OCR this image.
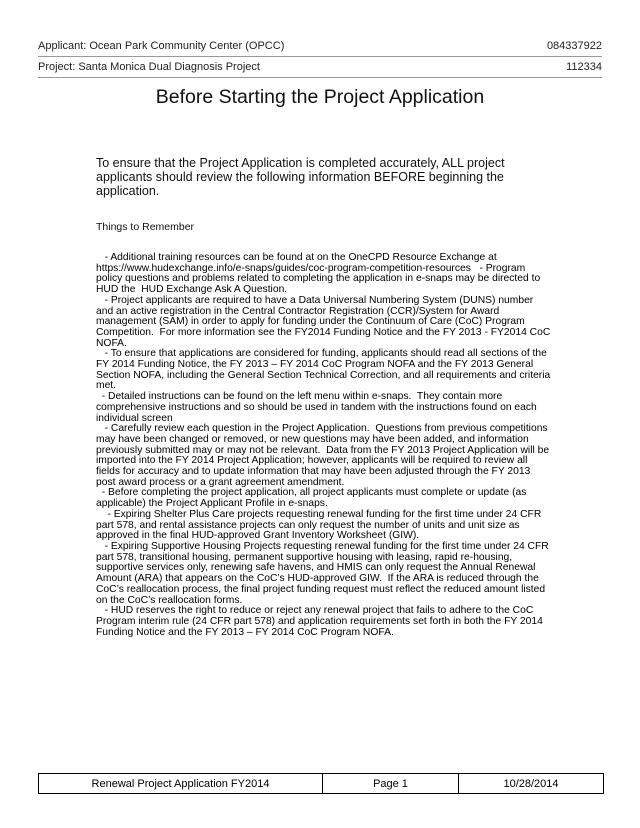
Applicant: Ocean Park Community Center (OPCC)	084337922
Project: Santa Monica Dual Diagnosis Project	112334
Before Starting the Project Application
To ensure that the Project Application is completed accurately, ALL project applicants should review the following information BEFORE beginning the application.
Things to Remember

- Additional training resources can be found at on the OneCPD Resource Exchange at https://www.hudexchange.info/e-snaps/guides/coc-program-competition-resources   - Program policy questions and problems related to completing the application in e-snaps may be directed to HUD the  HUD Exchange Ask A Question.

- Project applicants are required to have a Data Universal Numbering System (DUNS) number and an active registration in the Central Contractor Registration (CCR)/System for Award management (SAM) in order to apply for funding under the Continuum of Care (CoC) Program Competition.  For more information see the FY2014 Funding Notice and the FY 2013 - FY2014 CoC NOFA.

- To ensure that applications are considered for funding, applicants should read all sections of the FY 2014 Funding Notice, the FY 2013 – FY 2014 CoC Program NOFA and the FY 2013 General Section NOFA, including the General Section Technical Correction, and all requirements and criteria met.

- Detailed instructions can be found on the left menu within e-snaps.  They contain more comprehensive instructions and so should be used in tandem with the instructions found on each individual screen

- Carefully review each question in the Project Application.  Questions from previous competitions may have been changed or removed, or new questions may have been added, and information previously submitted may or may not be relevant.  Data from the FY 2013 Project Application will be imported into the FY 2014 Project Application; however, applicants will be required to review all fields for accuracy and to update information that may have been adjusted through the FY 2013 post award process or a grant agreement amendment.

- Before completing the project application, all project applicants must complete or update (as applicable) the Project Applicant Profile in e-snaps.

- Expiring Shelter Plus Care projects requesting renewal funding for the first time under 24 CFR part 578, and rental assistance projects can only request the number of units and unit size as approved in the final HUD-approved Grant Inventory Worksheet (GIW).

- Expiring Supportive Housing Projects requesting renewal funding for the first time under 24 CFR part 578, transitional housing, permanent supportive housing with leasing, rapid re-housing, supportive services only, renewing safe havens, and HMIS can only request the Annual Renewal Amount (ARA) that appears on the CoC’s HUD-approved GIW.  If the ARA is reduced through the CoC’s reallocation process, the final project funding request must reflect the reduced amount listed on the CoC’s reallocation forms.

- HUD reserves the right to reduce or reject any renewal project that fails to adhere to the CoC Program interim rule (24 CFR part 578) and application requirements set forth in both the FY 2014 Funding Notice and the FY 2013 – FY 2014 CoC Program NOFA.

Renewal Project Application FY2014	Page 1	10/28/2014
